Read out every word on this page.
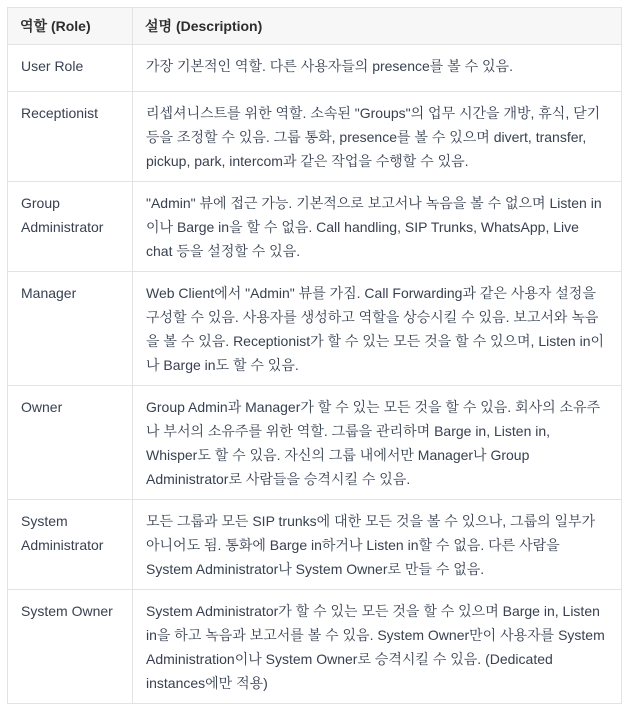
역할 (Role)	설명 (Description)
User Role	가장 기본적인 역할. 다른 사용자들의 presence를 볼 수 있음.
Receptionist	리셉셔니스트를 위한 역할. 소속된 "Groups"의 업무 시간을 개방, 휴식, 닫기 등을 조정할 수 있음. 그룹 통화, presence를 볼 수 있으며 divert, transfer, pickup, park, intercom과 같은 작업을 수행할 수 있음.
Group Administrator	"Admin" 뷰에 접근 가능. 기본적으로 보고서나 녹음을 볼 수 없으며 Listen in이나 Barge in을 할 수 없음. Call handling, SIP Trunks, WhatsApp, Live chat 등을 설정할 수 있음.
Manager	Web Client에서 "Admin" 뷰를 가짐. Call Forwarding과 같은 사용자 설정을 구성할 수 있음. 사용자를 생성하고 역할을 상승시킬 수 있음. 보고서와 녹음을 볼 수 있음. Receptionist가 할 수 있는 모든 것을 할 수 있으며, Listen in이나 Barge in도 할 수 있음.
Owner	Group Admin과 Manager가 할 수 있는 모든 것을 할 수 있음. 회사의 소유주나 부서의 소유주를 위한 역할. 그룹을 관리하며 Barge in, Listen in, Whisper도 할 수 있음. 자신의 그룹 내에서만 Manager나 Group Administrator로 사람들을 승격시킬 수 있음.
System Administrator	모든 그룹과 모든 SIP trunks에 대한 모든 것을 볼 수 있으나, 그룹의 일부가 아니어도 됨. 통화에 Barge in하거나 Listen in할 수 없음. 다른 사람을 System Administrator나 System Owner로 만들 수 없음.
System Owner	System Administrator가 할 수 있는 모든 것을 할 수 있으며 Barge in, Listen in을 하고 녹음과 보고서를 볼 수 있음. System Owner만이 사용자를 System Administration이나 System Owner로 승격시킬 수 있음. (Dedicated instances에만 적용)
